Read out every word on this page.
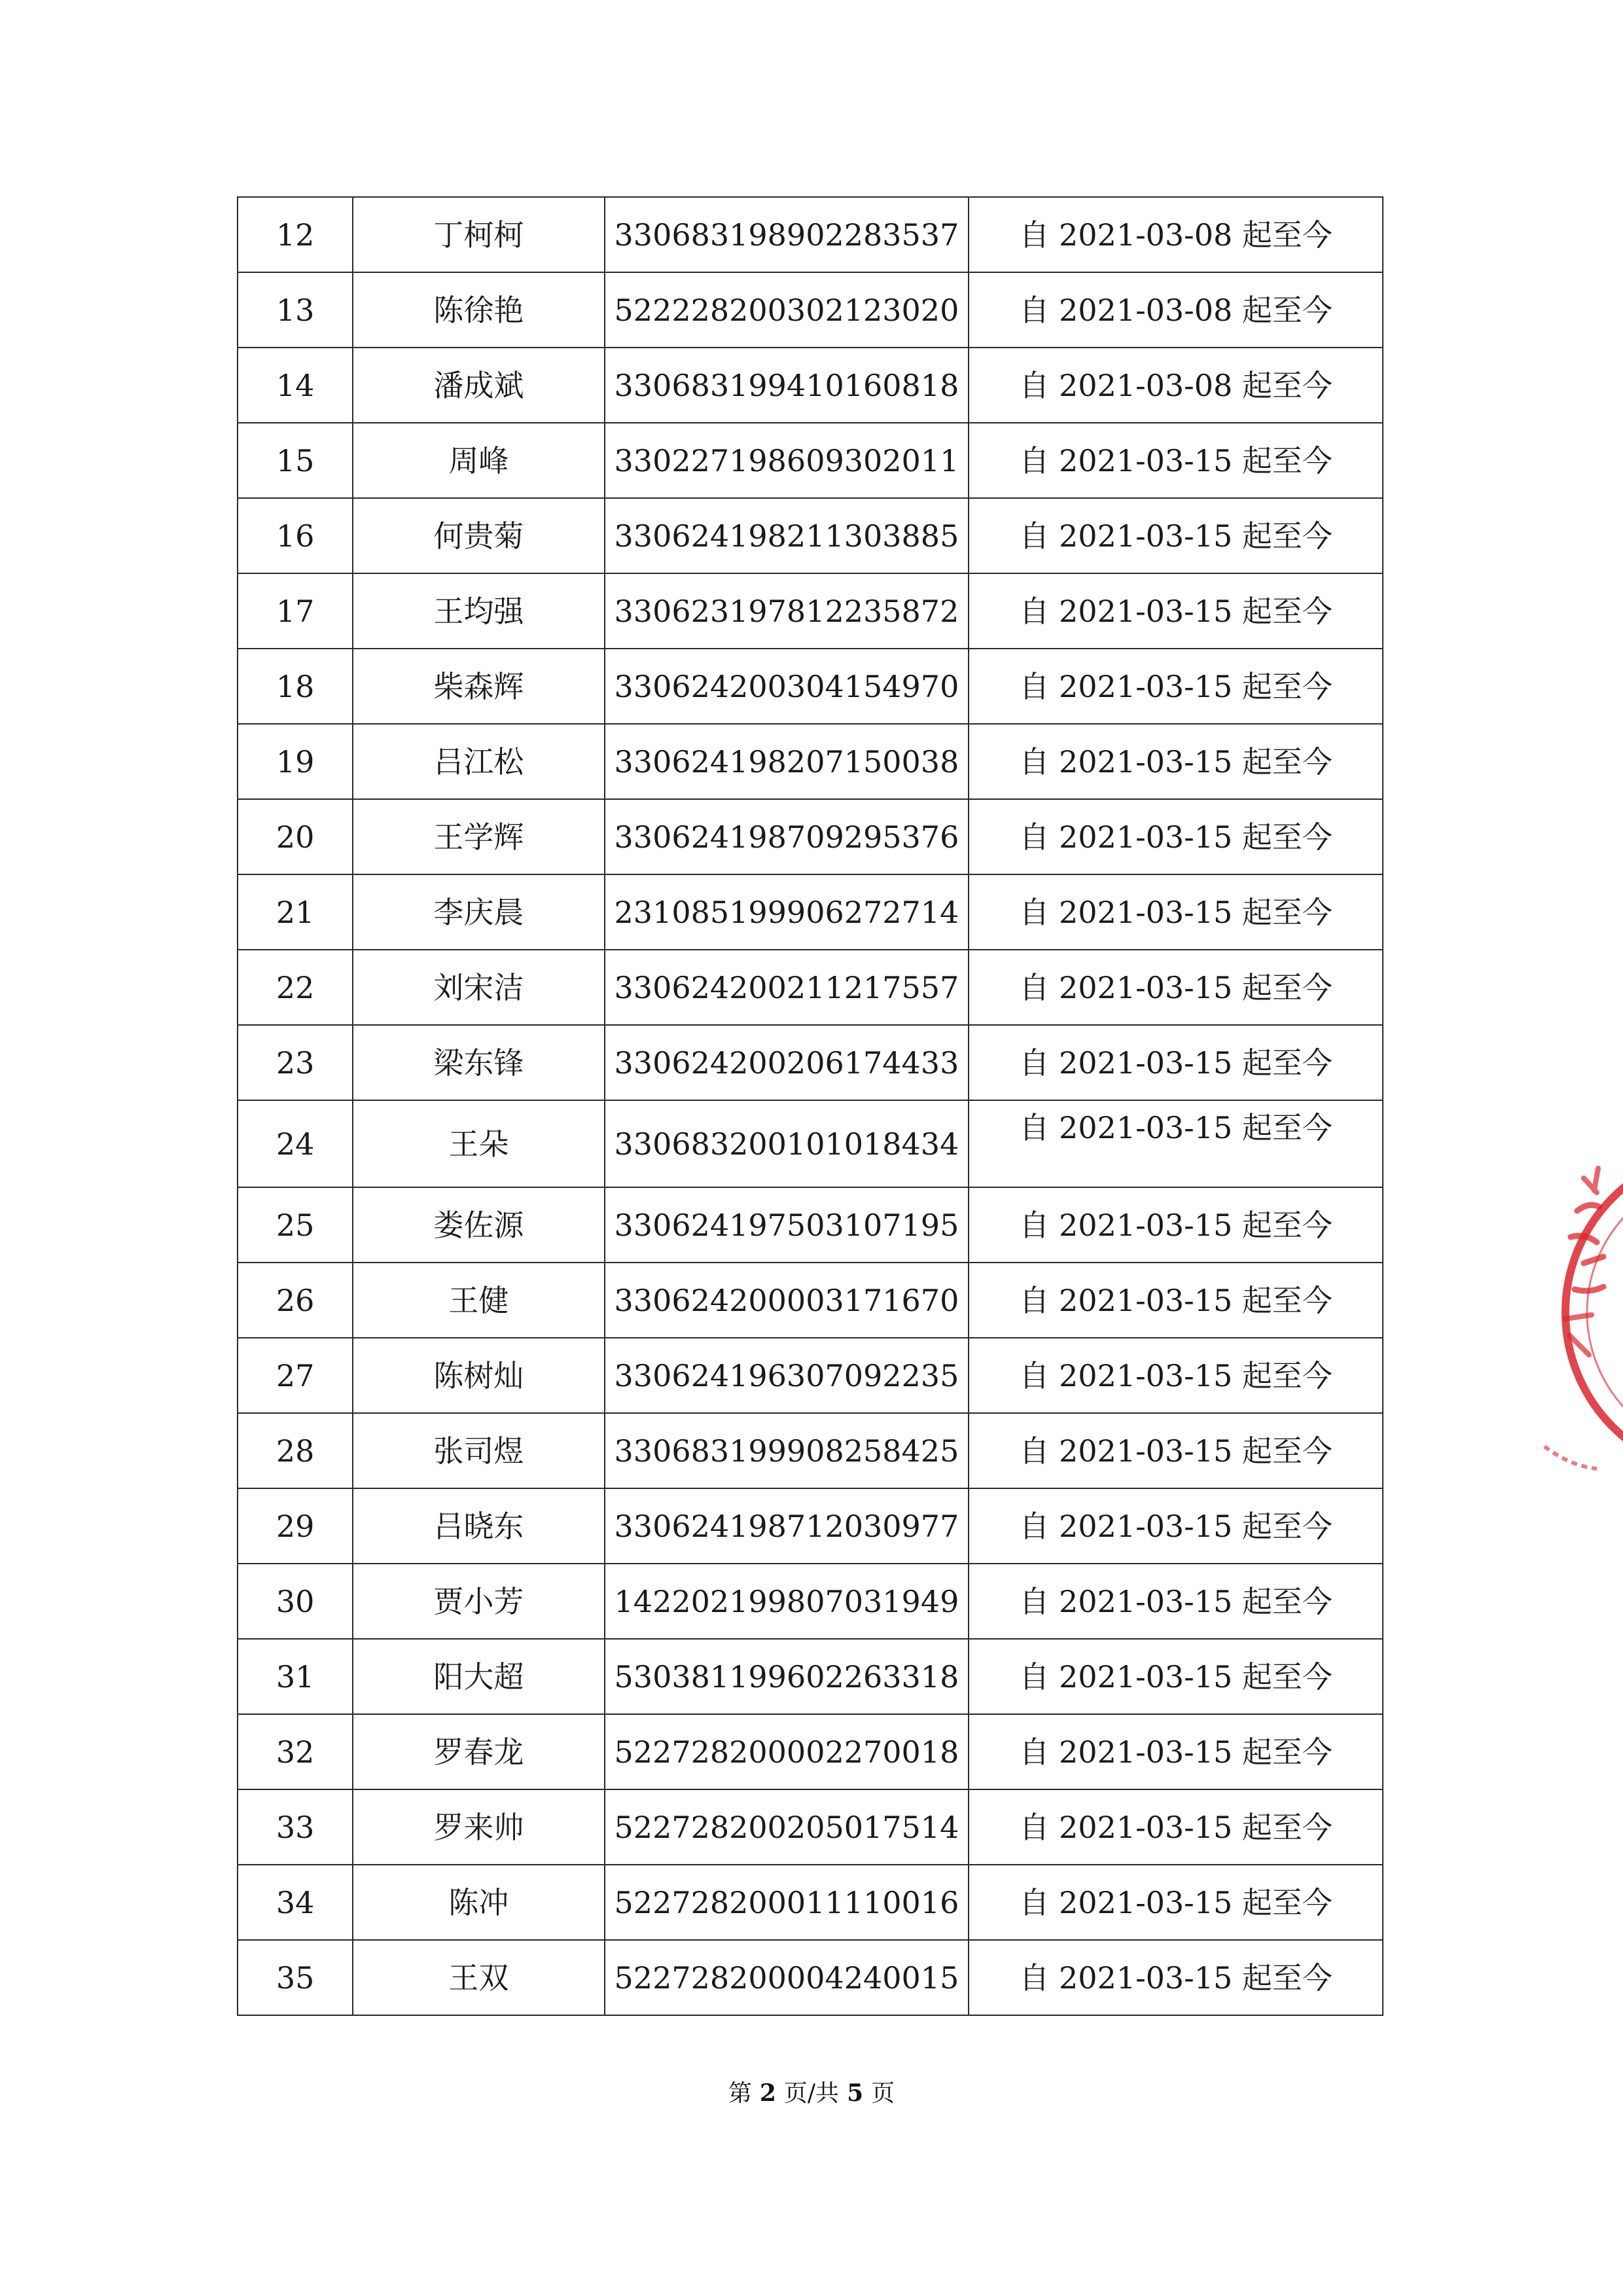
12	丁柯柯	330683198902283537	自 2021-03-08 起至今
13	陈徐艳	522228200302123020	自 2021-03-08 起至今
14	潘成斌	330683199410160818	自 2021-03-08 起至今
15	周峰	330227198609302011	自 2021-03-15 起至今
16	何贵菊	330624198211303885	自 2021-03-15 起至今
17	王均强	330623197812235872	自 2021-03-15 起至今
18	柴森辉	330624200304154970	自 2021-03-15 起至今
19	吕江松	330624198207150038	自 2021-03-15 起至今
20	王学辉	330624198709295376	自 2021-03-15 起至今
21	李庆晨	231085199906272714	自 2021-03-15 起至今
22	刘宋洁	330624200211217557	自 2021-03-15 起至今
23	梁东锋	330624200206174433	自 2021-03-15 起至今
24	王朵	330683200101018434	自 2021-03-15 起至今
25	娄佐源	330624197503107195	自 2021-03-15 起至今
26	王健	330624200003171670	自 2021-03-15 起至今
27	陈树灿	330624196307092235	自 2021-03-15 起至今
28	张司煜	330683199908258425	自 2021-03-15 起至今
29	吕晓东	330624198712030977	自 2021-03-15 起至今
30	贾小芳	142202199807031949	自 2021-03-15 起至今
31	阳大超	530381199602263318	自 2021-03-15 起至今
32	罗春龙	522728200002270018	自 2021-03-15 起至今
33	罗来帅	522728200205017514	自 2021-03-15 起至今
34	陈冲	522728200011110016	自 2021-03-15 起至今
35	王双	522728200004240015	自 2021-03-15 起至今
第 2 页/共 5 页
